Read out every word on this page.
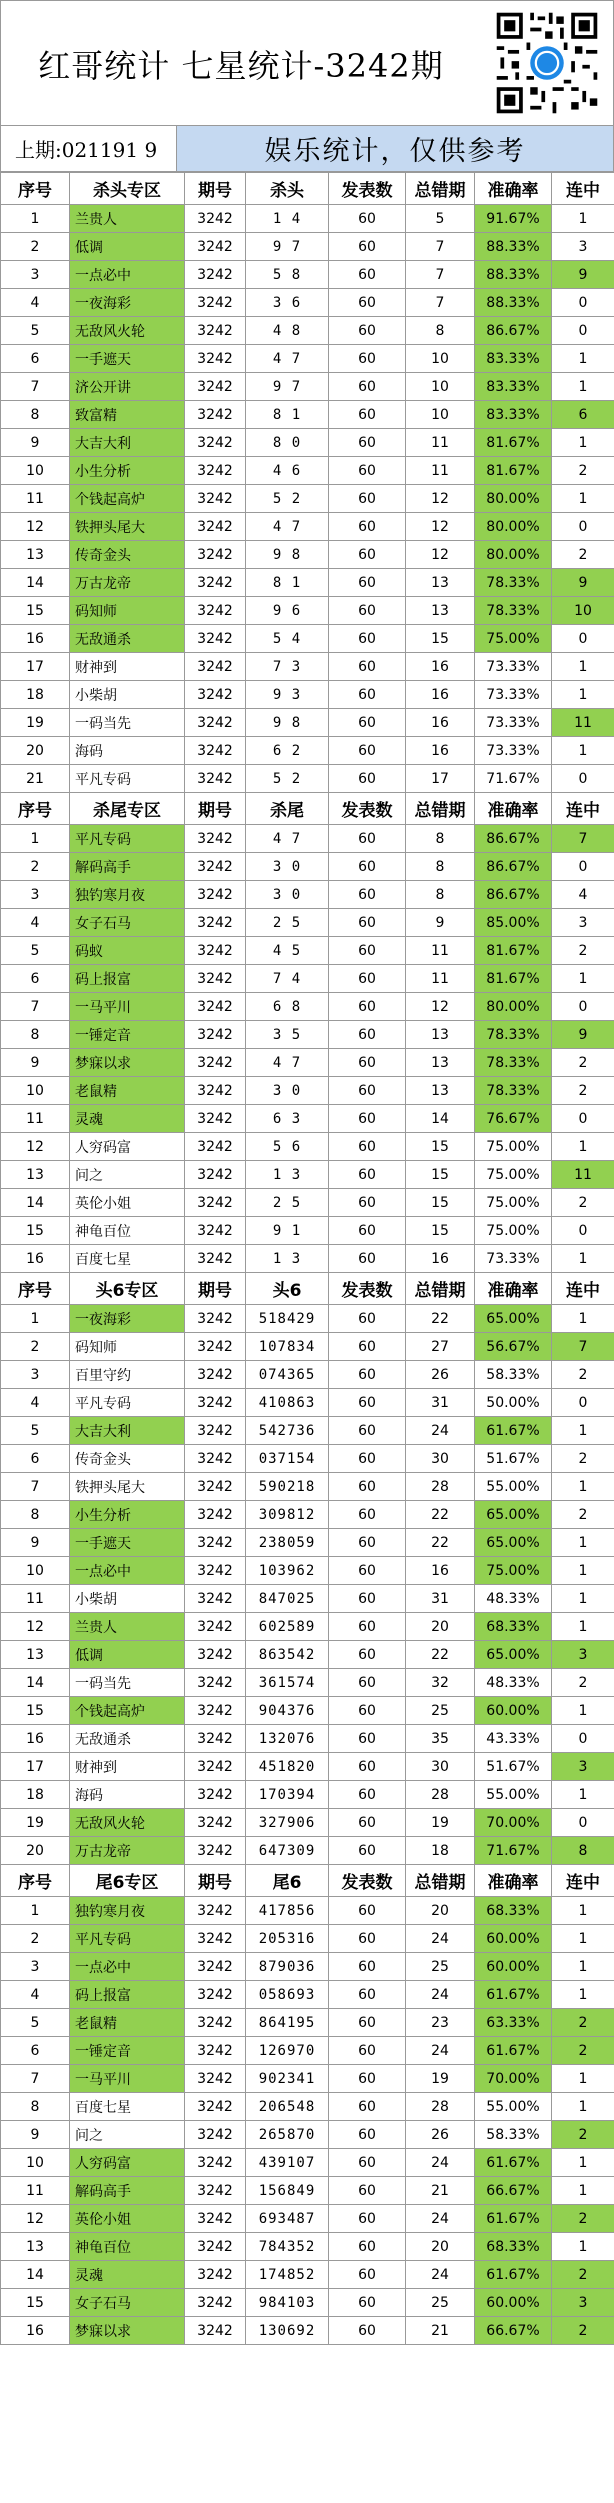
红哥统计 七星统计-3242期
上期:021191 9	娱乐统计，仅供参考
序号	杀头专区	期号	杀头	发表数	总错期	准确率	连中
1	兰贵人	3242	1 4	60	5	91.67%	1
2	低调	3242	9 7	60	7	88.33%	3
3	一点必中	3242	5 8	60	7	88.33%	9
4	一夜海彩	3242	3 6	60	7	88.33%	0
5	无敌风火轮	3242	4 8	60	8	86.67%	0
6	一手遮天	3242	4 7	60	10	83.33%	1
7	济公开讲	3242	9 7	60	10	83.33%	1
8	致富精	3242	8 1	60	10	83.33%	6
9	大吉大利	3242	8 0	60	11	81.67%	1
10	小生分析	3242	4 6	60	11	81.67%	2
11	个钱起高炉	3242	5 2	60	12	80.00%	1
12	铁押头尾大	3242	4 7	60	12	80.00%	0
13	传奇金头	3242	9 8	60	12	80.00%	2
14	万古龙帝	3242	8 1	60	13	78.33%	9
15	码知师	3242	9 6	60	13	78.33%	10
16	无敌通杀	3242	5 4	60	15	75.00%	0
17	财神到	3242	7 3	60	16	73.33%	1
18	小柴胡	3242	9 3	60	16	73.33%	1
19	一码当先	3242	9 8	60	16	73.33%	11
20	海码	3242	6 2	60	16	73.33%	1
21	平凡专码	3242	5 2	60	17	71.67%	0
序号	杀尾专区	期号	杀尾	发表数	总错期	准确率	连中
1	平凡专码	3242	4 7	60	8	86.67%	7
2	解码高手	3242	3 0	60	8	86.67%	0
3	独钓寒月夜	3242	3 0	60	8	86.67%	4
4	女子石马	3242	2 5	60	9	85.00%	3
5	码蚁	3242	4 5	60	11	81.67%	2
6	码上报富	3242	7 4	60	11	81.67%	1
7	一马平川	3242	6 8	60	12	80.00%	0
8	一锤定音	3242	3 5	60	13	78.33%	9
9	梦寐以求	3242	4 7	60	13	78.33%	2
10	老鼠精	3242	3 0	60	13	78.33%	2
11	灵魂	3242	6 3	60	14	76.67%	0
12	人穷码富	3242	5 6	60	15	75.00%	1
13	问之	3242	1 3	60	15	75.00%	11
14	英伦小姐	3242	2 5	60	15	75.00%	2
15	神龟百位	3242	9 1	60	15	75.00%	0
16	百度七星	3242	1 3	60	16	73.33%	1
序号	头6专区	期号	头6	发表数	总错期	准确率	连中
1	一夜海彩	3242	518429	60	22	65.00%	1
2	码知师	3242	107834	60	27	56.67%	7
3	百里守约	3242	074365	60	26	58.33%	2
4	平凡专码	3242	410863	60	31	50.00%	0
5	大吉大利	3242	542736	60	24	61.67%	1
6	传奇金头	3242	037154	60	30	51.67%	2
7	铁押头尾大	3242	590218	60	28	55.00%	1
8	小生分析	3242	309812	60	22	65.00%	2
9	一手遮天	3242	238059	60	22	65.00%	1
10	一点必中	3242	103962	60	16	75.00%	1
11	小柴胡	3242	847025	60	31	48.33%	1
12	兰贵人	3242	602589	60	20	68.33%	1
13	低调	3242	863542	60	22	65.00%	3
14	一码当先	3242	361574	60	32	48.33%	2
15	个钱起高炉	3242	904376	60	25	60.00%	1
16	无敌通杀	3242	132076	60	35	43.33%	0
17	财神到	3242	451820	60	30	51.67%	3
18	海码	3242	170394	60	28	55.00%	1
19	无敌风火轮	3242	327906	60	19	70.00%	0
20	万古龙帝	3242	647309	60	18	71.67%	8
序号	尾6专区	期号	尾6	发表数	总错期	准确率	连中
1	独钓寒月夜	3242	417856	60	20	68.33%	1
2	平凡专码	3242	205316	60	24	60.00%	1
3	一点必中	3242	879036	60	25	60.00%	1
4	码上报富	3242	058693	60	24	61.67%	1
5	老鼠精	3242	864195	60	23	63.33%	2
6	一锤定音	3242	126970	60	24	61.67%	2
7	一马平川	3242	902341	60	19	70.00%	1
8	百度七星	3242	206548	60	28	55.00%	1
9	问之	3242	265870	60	26	58.33%	2
10	人穷码富	3242	439107	60	24	61.67%	1
11	解码高手	3242	156849	60	21	66.67%	1
12	英伦小姐	3242	693487	60	24	61.67%	2
13	神龟百位	3242	784352	60	20	68.33%	1
14	灵魂	3242	174852	60	24	61.67%	2
15	女子石马	3242	984103	60	25	60.00%	3
16	梦寐以求	3242	130692	60	21	66.67%	2
